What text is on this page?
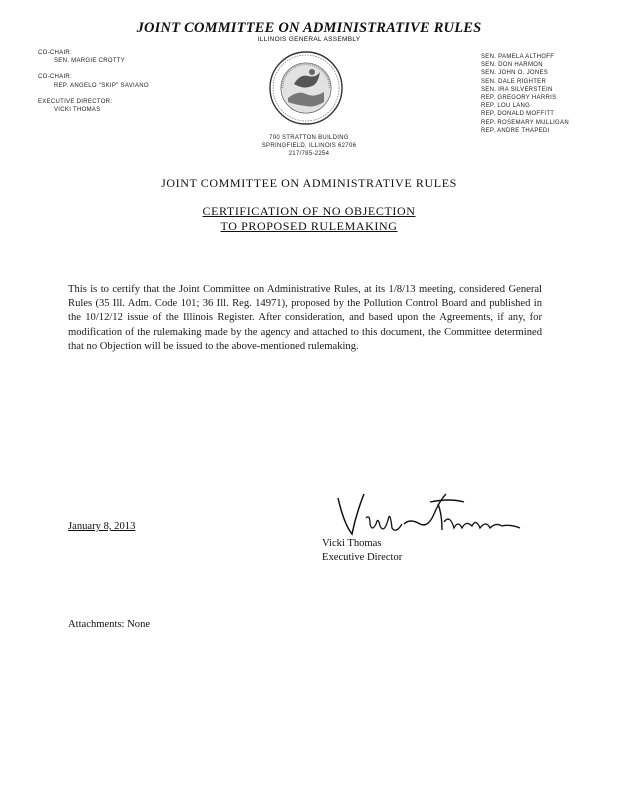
JOINT COMMITTEE ON ADMINISTRATIVE RULES
ILLINOIS GENERAL ASSEMBLY
CO-CHAIR:
SEN. MARGIE CROTTY
CO-CHAIR:
REP. ANGELO "SKIP" SAVIANO
EXECUTIVE DIRECTOR:
VICKI THOMAS
SEN. PAMELA ALTHOFF
SEN. DON HARMON
SEN. JOHN O. JONES
SEN. DALE RIGHTER
SEN. IRA SILVERSTEIN
REP. GREGORY HARRIS
REP. LOU LANG
REP. DONALD MOFFITT
REP. ROSEMARY MULLIGAN
REP. ANDRE THAPEDI
700 STRATTON BUILDING
SPRINGFIELD, ILLINOIS 62706
217/785-2254
JOINT COMMITTEE ON ADMINISTRATIVE RULES
CERTIFICATION OF NO OBJECTION
TO PROPOSED RULEMAKING
This is to certify that the Joint Committee on Administrative Rules, at its 1/8/13 meeting, considered General Rules (35 Ill. Adm. Code 101; 36 Ill. Reg. 14971), proposed by the Pollution Control Board and published in the 10/12/12 issue of the Illinois Register. After consideration, and based upon the Agreements, if any, for modification of the rulemaking made by the agency and attached to this document, the Committee determined that no Objection will be issued to the above-mentioned rulemaking.
January 8, 2013
Vicki Thomas
Executive Director
Attachments: None
